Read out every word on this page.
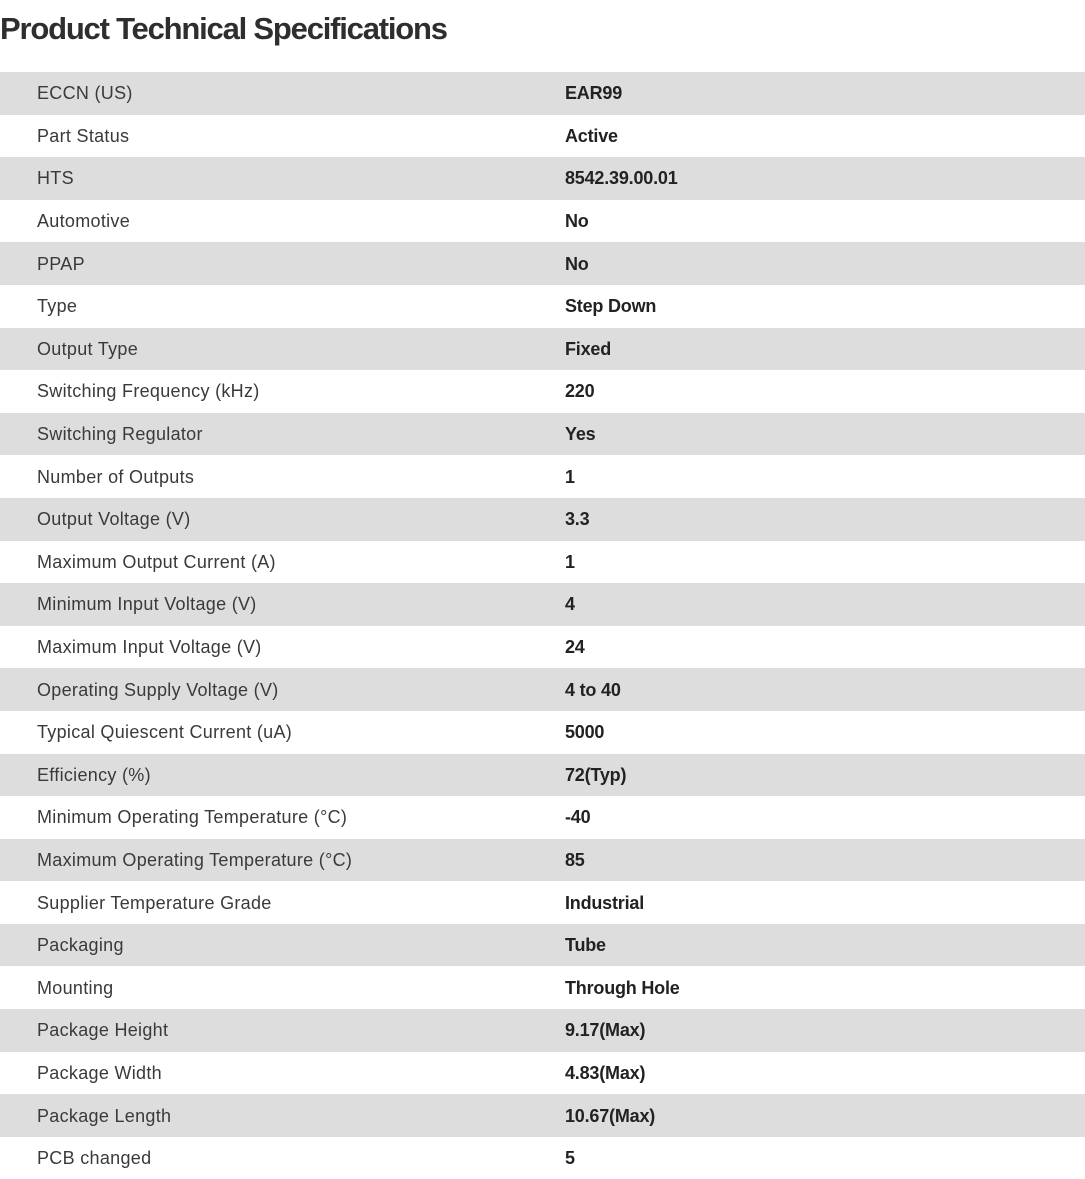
Product Technical Specifications
ECCN (US)	EAR99
Part Status	Active
HTS	8542.39.00.01
Automotive	No
PPAP	No
Type	Step Down
Output Type	Fixed
Switching Frequency (kHz)	220
Switching Regulator	Yes
Number of Outputs	1
Output Voltage (V)	3.3
Maximum Output Current (A)	1
Minimum Input Voltage (V)	4
Maximum Input Voltage (V)	24
Operating Supply Voltage (V)	4 to 40
Typical Quiescent Current (uA)	5000
Efficiency (%)	72(Typ)
Minimum Operating Temperature (°C)	-40
Maximum Operating Temperature (°C)	85
Supplier Temperature Grade	Industrial
Packaging	Tube
Mounting	Through Hole
Package Height	9.17(Max)
Package Width	4.83(Max)
Package Length	10.67(Max)
PCB changed	5
